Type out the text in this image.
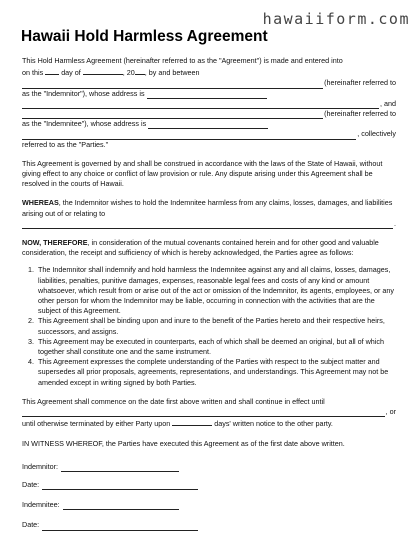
hawaiiform.com
Hawaii Hold Harmless Agreement

This Hold Harmless Agreement (hereinafter referred to as the "Agreement") is made and entered into

on this	day of	, 20 , by and between

(hereinafter referred to
as the "Indemnitor"), whose address is
, and
(hereinafter referred to
as the "Indemnitee"), whose address is
, collectively

referred to as the "Parties."

This Agreement is governed by and shall be construed in accordance with the laws of the State of Hawaii, without giving effect to any choice or conflict of law provision or rule. Any dispute arising under this Agreement shall be resolved in the courts of Hawaii.

WHEREAS, the Indemnitor wishes to hold the Indemnitee harmless from any claims, losses, damages, and liabilities arising out of or relating to

.

NOW, THEREFORE, in consideration of the mutual covenants contained herein and for other good and valuable consideration, the receipt and sufficiency of which is hereby acknowledged, the Parties agree as follows:

1. The Indemnitor shall indemnify and hold harmless the Indemnitee against any and all claims, losses, damages, liabilities, penalties, punitive damages, expenses, reasonable legal fees and costs of any kind or amount whatsoever, which result from or arise out of the act or omission of the Indemnitor, its agents, employees, or any other person for whom the Indemnitor may be liable, occurring in connection with the activities that are the subject of this Agreement.
2. This Agreement shall be binding upon and inure to the benefit of the Parties hereto and their respective heirs, successors, and assigns.
3. This Agreement may be executed in counterparts, each of which shall be deemed an original, but all of which together shall constitute one and the same instrument.
4. This Agreement expresses the complete understanding of the Parties with respect to the subject matter and supersedes all prior proposals, agreements, representations, and understandings. This Agreement may not be amended except in writing signed by both Parties.

This Agreement shall commence on the date first above written and shall continue in effect until

, or

until otherwise terminated by either Party upon	days' written notice to the other party.

IN WITNESS WHEREOF, the Parties have executed this Agreement as of the first date above written.

Indemnitor:
Date:
Indemnitee:
Date:
